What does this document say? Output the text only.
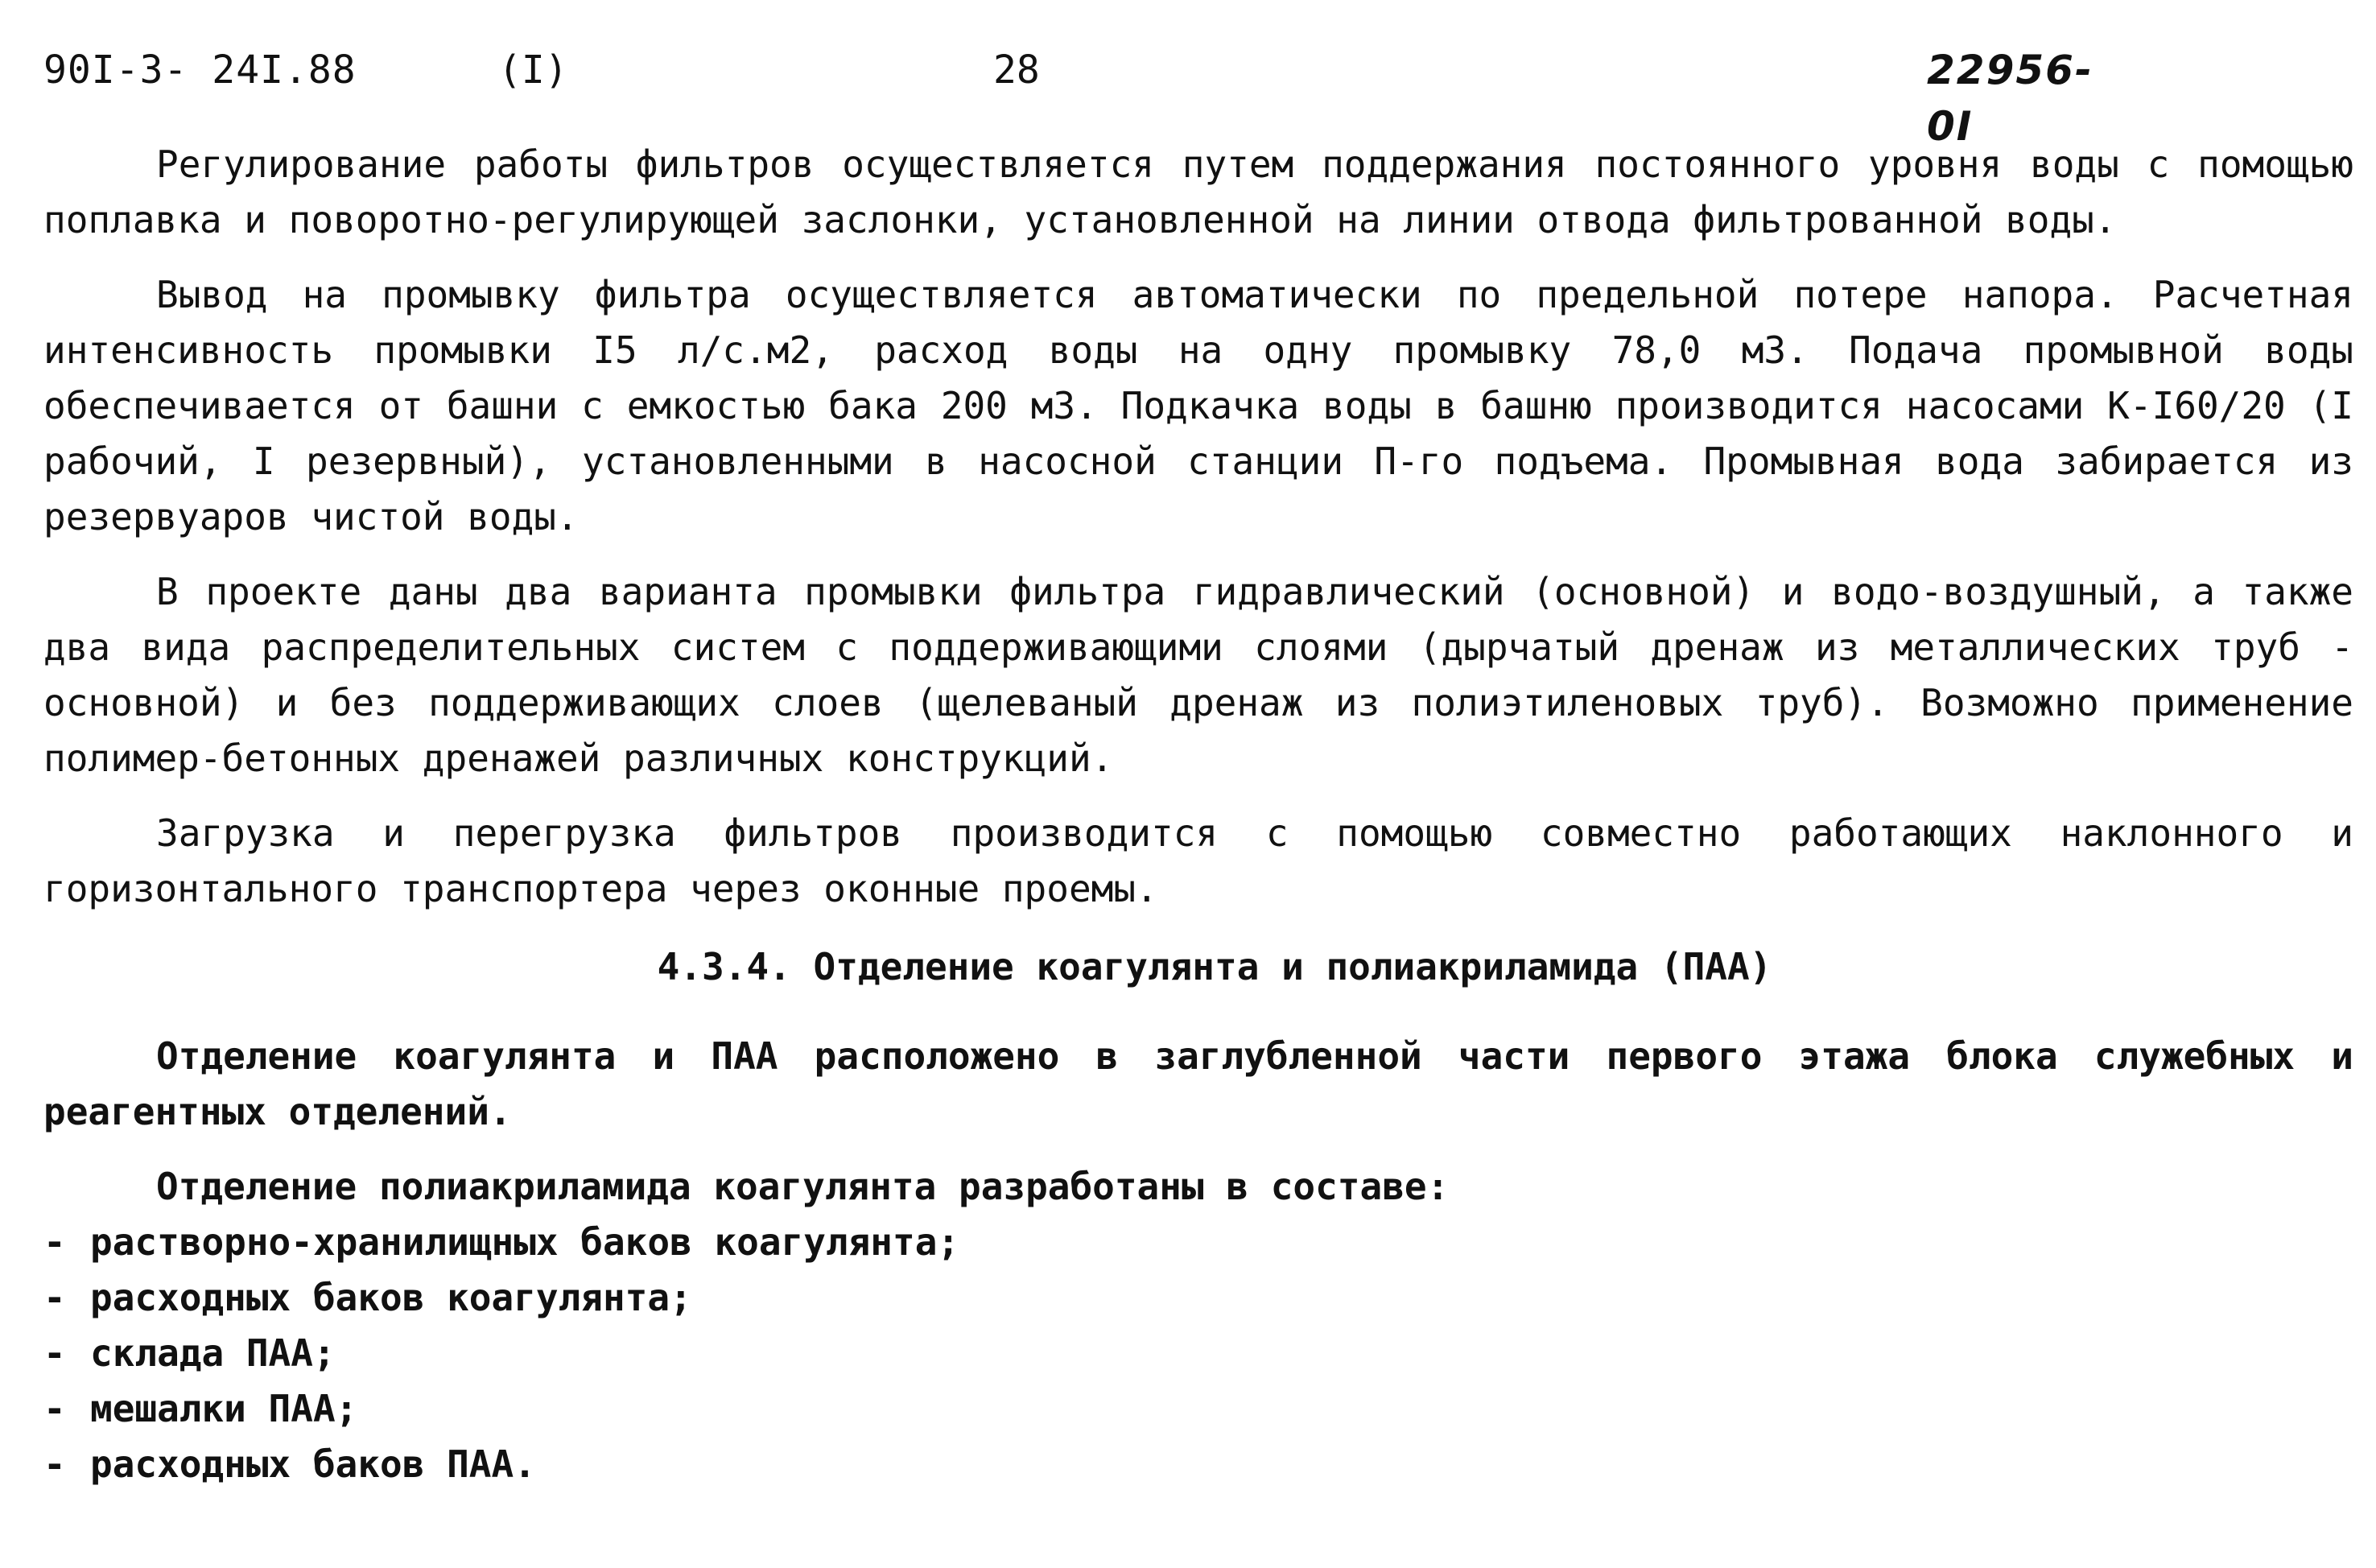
90I-3- 24I.88	(I)	28	22956-0I

Регулирование работы фильтров осуществляется путем поддержания постоянного уровня воды с помощью поплавка и поворотно-регулирующей заслонки, установленной на линии отвода фильтрованной воды.

Вывод на промывку фильтра осуществляется автоматически по предельной потере напора. Расчетная интенсивность промывки I5 л/с.м2, расход воды на одну промывку 78,0 м3. Подача промывной воды обеспечивается от башни с емкостью бака 200 м3. Подкачка воды в башню производится насосами К-I60/20 (I рабочий, I резервный), установленными в насосной станции П-го подъема. Промывная вода забирается из резервуаров чистой воды.

В проекте даны два варианта промывки фильтра гидравлический (основной) и водо-воздушный, а также два вида распределительных систем с поддерживающими слоями (дырчатый дренаж из металлических труб - основной) и без поддерживающих слоев (щелеваный дренаж из полиэтиленовых труб). Возможно применение полимер-бетонных дренажей различных конструкций.

Загрузка и перегрузка фильтров производится с помощью совместно работающих наклонного и горизонтального транспортера через оконные проемы.

4.3.4. Отделение коагулянта и полиакриламида (ПАА)

Отделение коагулянта и ПАА расположено в заглубленной части первого этажа блока служебных и реагентных отделений.

Отделение полиакриламида коагулянта разработаны в составе:

- растворно-хранилищных баков коагулянта;
- расходных баков коагулянта;
- склада ПАА;
- мешалки ПАА;
- расходных баков ПАА.
